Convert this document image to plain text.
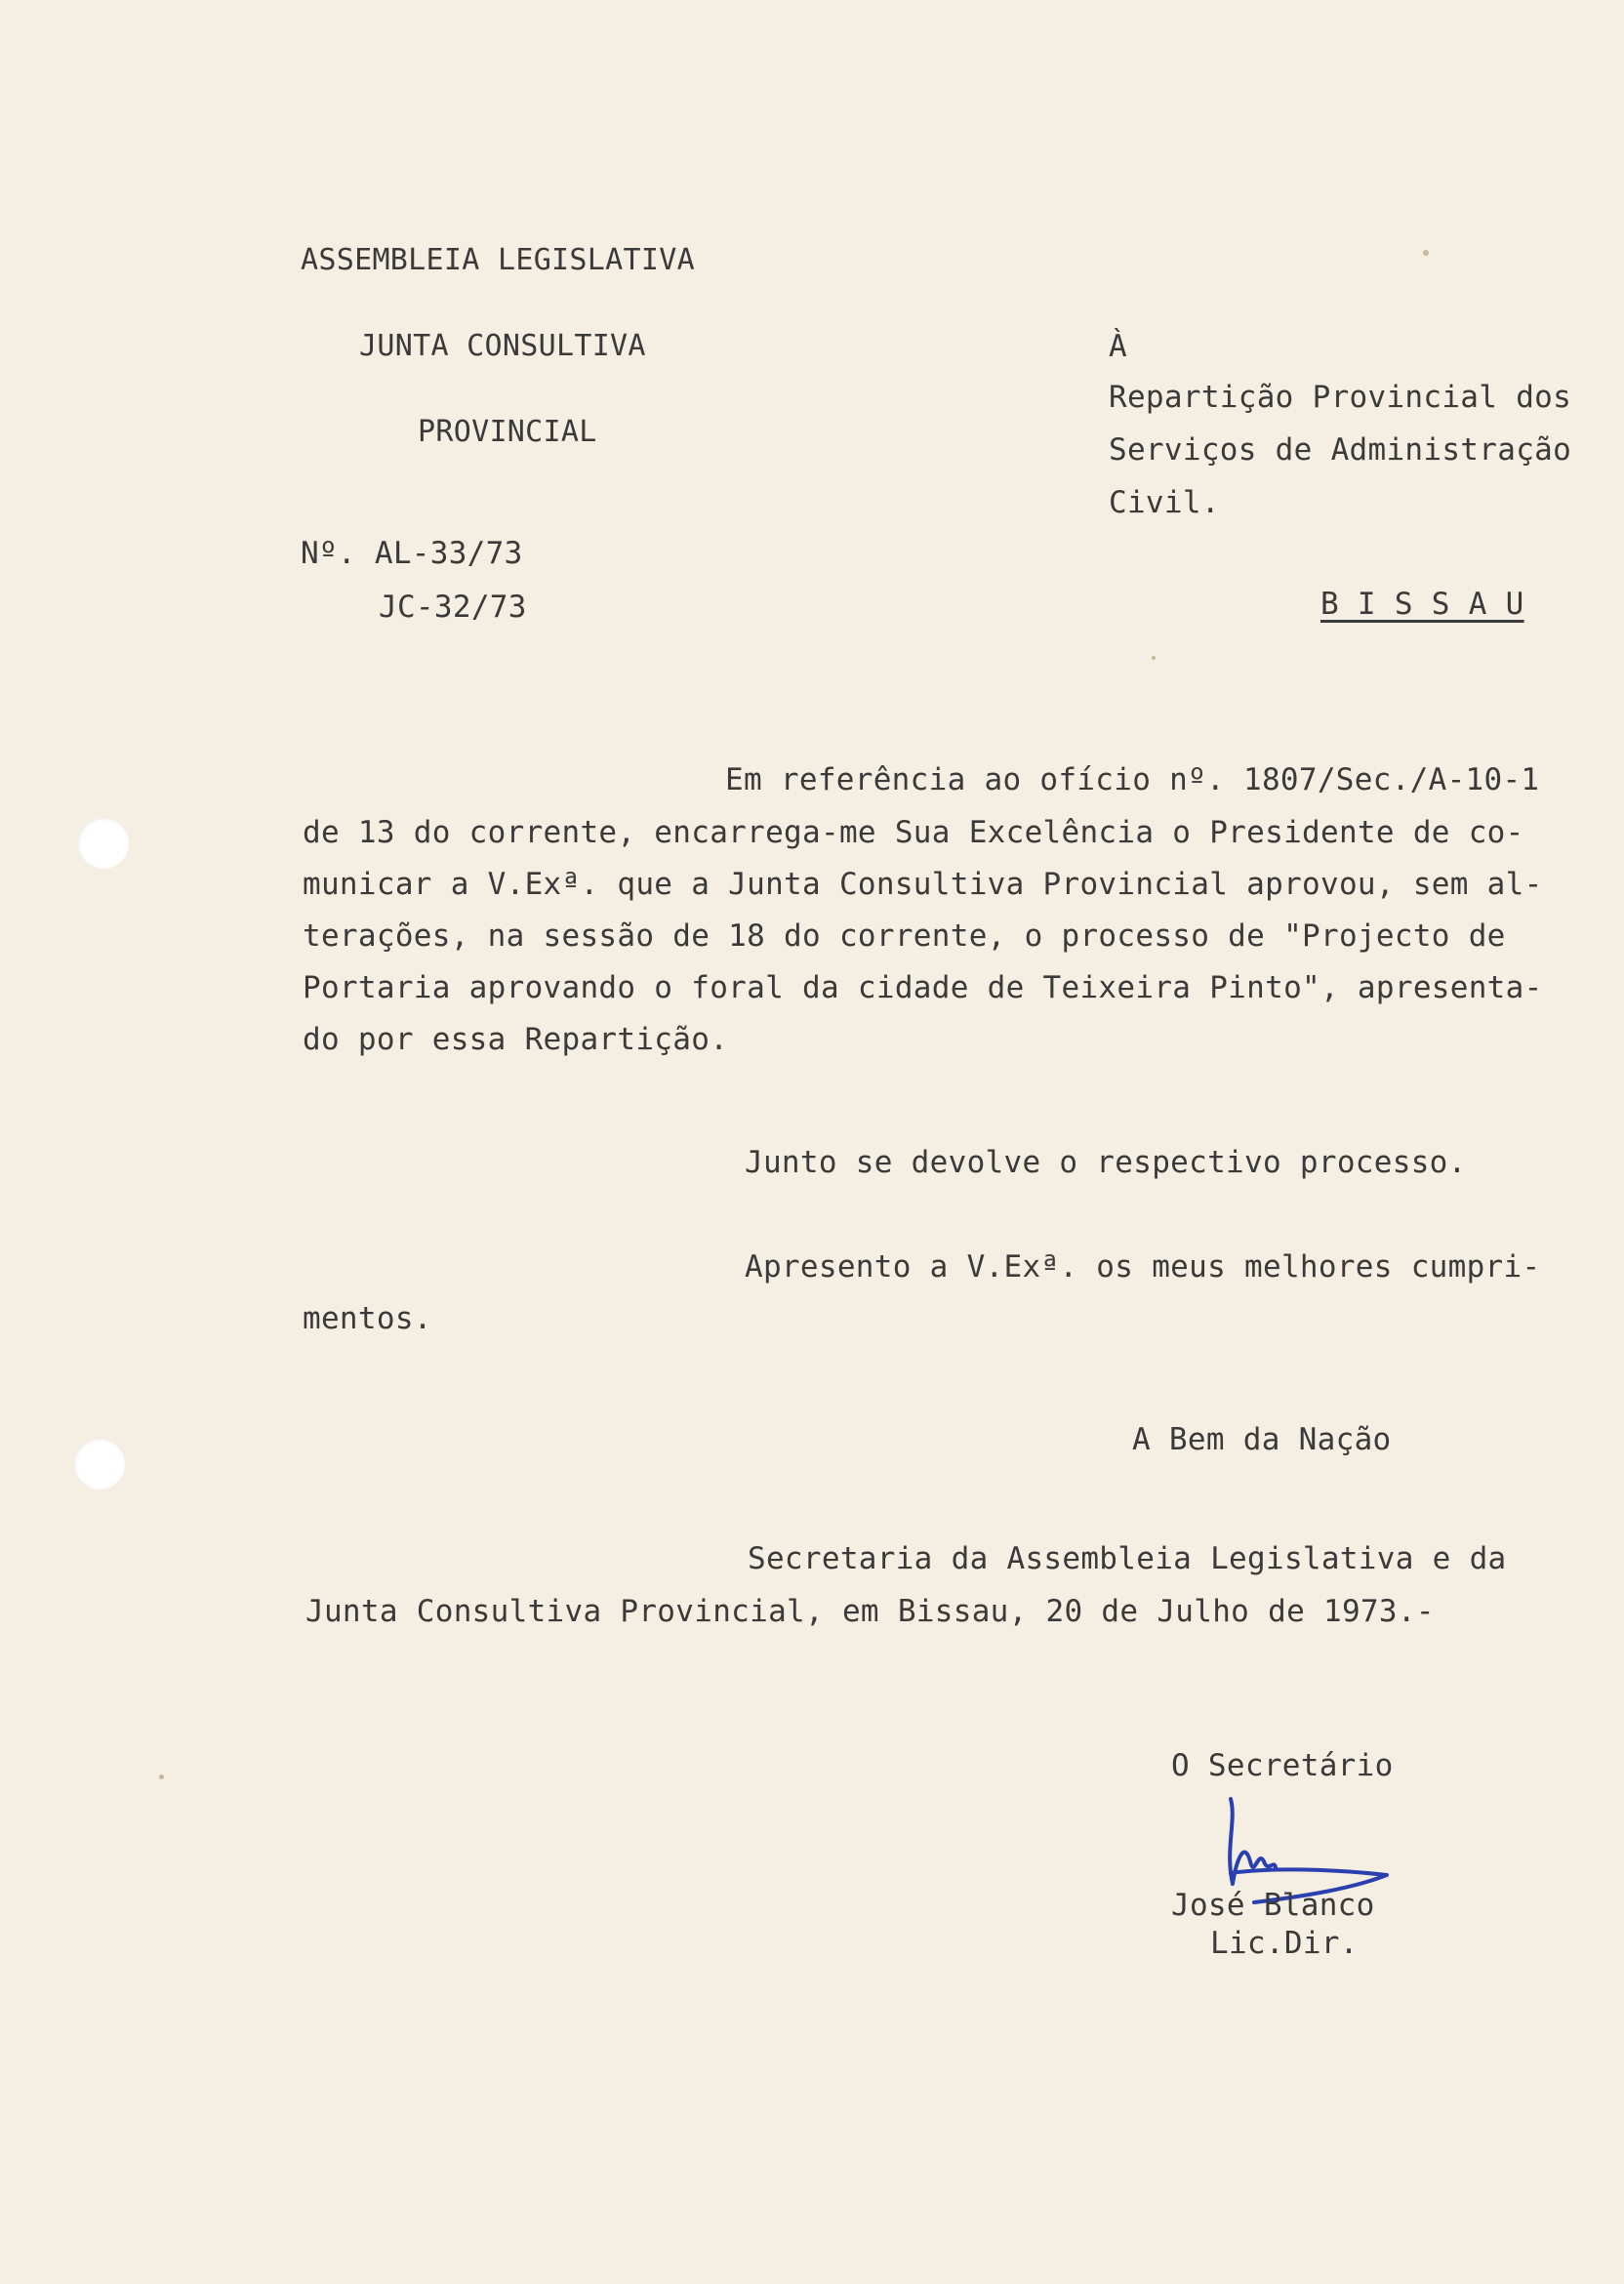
ASSEMBLEIA LEGISLATIVA

JUNTA CONSULTIVA

PROVINCIAL

Nº. AL-33/73

JC-32/73

À

Repartição Provincial dos

Serviços de Administração

Civil.

B I S S A U

Em referência ao ofício nº. 1807/Sec./A-10-1

de 13 do corrente, encarrega-me Sua Excelência o Presidente de co-

municar a V.Exª. que a Junta Consultiva Provincial aprovou, sem al-

terações, na sessão de 18 do corrente, o processo de "Projecto de

Portaria aprovando o foral da cidade de Teixeira Pinto", apresenta-

do por essa Repartição.

Junto se devolve o respectivo processo.

Apresento a V.Exª. os meus melhores cumpri-

mentos.

A Bem da Nação

Secretaria da Assembleia Legislativa e da

Junta Consultiva Provincial, em Bissau, 20 de Julho de 1973.-

O Secretário

José Blanco

Lic.Dir.
